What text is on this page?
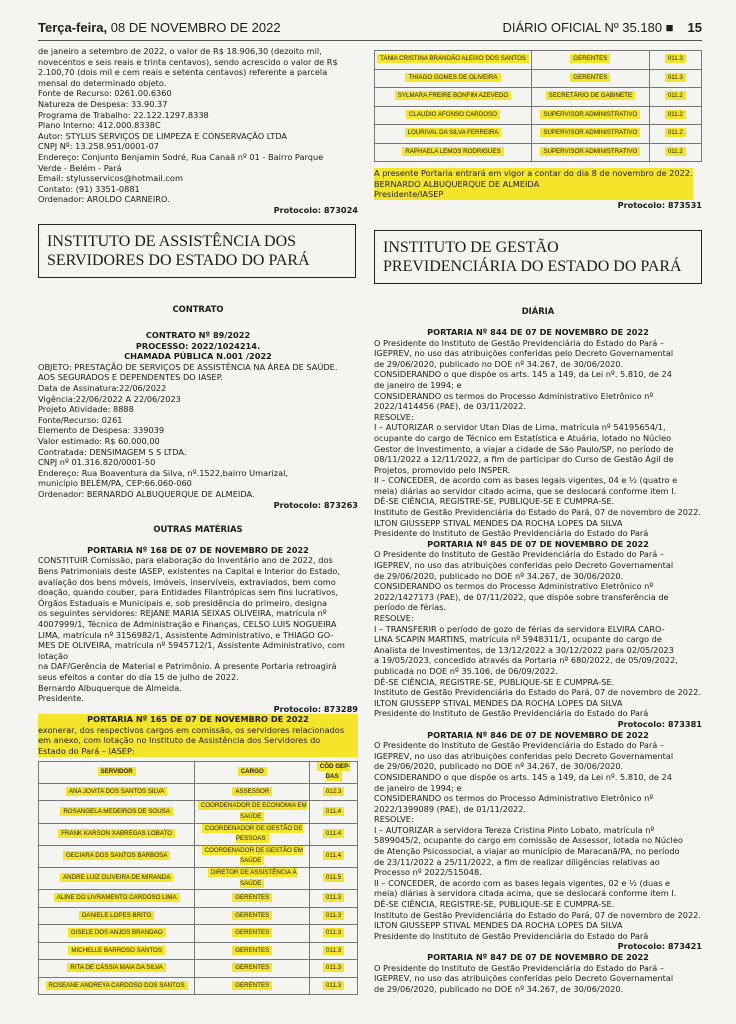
Terça-feira, 08 DE NOVEMBRO DE 2022	DIÁRIO OFICIAL Nº 35.180 ■ 15
de janeiro a setembro de 2022, o valor de R$ 18.906,30 (dezoito mil,
novecentos e seis reais e trinta centavos), sendo acrescido o valor de R$
2.100,70 (dois mil e cem reais e setenta centavos) referente a parcela
mensal do determinado objeto.
Fonte de Recurso: 0261.00.6360
Natureza de Despesa: 33.90.37
Programa de Trabalho: 22.122.1297.8338
Plano Interno: 412.000.8338C
Autor: STYLUS SERVIÇOS DE LIMPEZA E CONSERVAÇÃO LTDA
CNPJ Nº: 13.258.951/0001-07
Endereço: Conjunto Benjamin Sodré, Rua Canaã nº 01 - Bairro Parque
Verde - Belém - Pará
Email: stylusservicos@hotmail.com
Contato: (91) 3351-0881
Ordenador: AROLDO CARNEIRO.

Protocolo: 873024

INSTITUTO DE ASSISTÊNCIA DOS SERVIDORES DO ESTADO DO PARÁ

CONTRATO

CONTRATO Nº 89/2022
PROCESSO: 2022/1024214.
CHAMADA PÚBLICA N.001 /2022
OBJETO: PRESTAÇÃO DE SERVIÇOS DE ASSISTÊNCIA NA ÁREA DE SAÚDE.
AOS SEGURADOS E DEPENDENTES DO IASEP.
Data de Assinatura:22/06/2022
Vigência:22/06/2022 A 22/06/2023
Projeto Atividade: 8888
Fonte/Recurso: 0261
Elemento de Despesa: 339039
Valor estimado: R$ 60.000,00
Contratada: DENSIMAGEM S S LTDA.
CNPJ nº 01.316.820/0001-50
Endereço: Rua Boaventura da Silva, nº.1522,bairro Umarizal,
município BELÉM/PA, CEP:66.060-060
Ordenador: BERNARDO ALBUQUERQUE DE ALMEIDA.

Protocolo: 873263

OUTRAS MATÉRIAS

PORTARIA Nº 168 DE 07 DE NOVEMBRO DE 2022

CONSTITUIR Comissão, para elaboração do Inventário ano de 2022, dos
Bens Patrimoniais deste IASEP, existentes na Capital e Interior do Estado,
avaliação dos bens móveis, imóveis, inservíveis, extraviados, bem como
doação, quando couber, para Entidades Filantrópicas sem fins lucrativos,
Órgãos Estaduais e Municipais e, sob presidência do primeiro, designa
os seguintes servidores: REJANE MARIA SEIXAS OLIVEIRA, matrícula nº
4007999/1, Técnico de Administração e Finanças, CELSO LUIS NOGUEIRA
LIMA, matrícula nº 3156982/1, Assistente Administrativo, e THIAGO GO-
MES DE OLIVEIRA, matrícula nº 5945712/1, Assistente Administrativo, com lotação
na DAF/Gerência de Material e Patrimônio. A presente Portaria retroagirá
seus efeitos a contar do dia 15 de julho de 2022.
Bernardo Albuquerque de Almeida.
Presidente.

Protocolo: 873289

PORTARIA Nº 165 DE 07 DE NOVEMBRO DE 2022

exonerar, dos respectivos cargos em comissão, os servidores relacionados
em anexo, com lotação no Instituto de Assistência dos Servidores do
Estado do Pará – IASEP:
SERVIDOR	CARGO	CÓD GEP-DAS
ANA JOVITA DOS SANTOS SILVA	ASSESSOR	012.3
ROSANGELA MEDEIROS DE SOUSA	COORDENADOR DE ECONOMIA EM SAÚDE	011.4
FRANK KARSON XABREGAS LOBATO	COORDENADOR DE GESTÃO DE PESSOAS	011.4
GECIARA DOS SANTOS BARBOSA	COORDENADOR DE GESTÃO EM SAÚDE	011.4
ANDRE LUIZ OLIVEIRA DE MIRANDA	DIRETOR DE ASSISTÊNCIA À SAÚDE	011.5
ALINE DO LIVRAMENTO CARDOSO LIMA	GERENTES	011.3
DANIELE LOPES BRITO	GERENTES	011.3
GISELE DOS ANJOS BRANDAO	GERENTES	011.3
MICHELLE BARROSO SANTOS	GERENTES	011.3
RITA DE CÁSSIA MAIA DA SILVA	GERENTES	011.3
ROSEANE ANDREYA CARDOSO DOS SANTOS	GERENTES	011.3
TANIA CRISTINA BRANDÃO ALEIXO DOS SANTOS	GERENTES	011.3
THIAGO GOMES DE OLIVEIRA	GERENTES	011.3
SYLMARA FREIRE BONFIM AZEVEDO	SECRETÁRIO DE GABINETE	011.2
CLAUDIO AFONSO CARDOSO	SUPERVISOR ADMINISTRATIVO	011.2
LOURIVAL DA SILVA FERREIRA	SUPERVISOR ADMINISTRATIVO	011.2
RAPHAELA LEMOS RODRIGUES	SUPERVISOR ADMINISTRATIVO	011.2
A presente Portaria entrará em vigor a contar do dia 8 de novembro de 2022.
BERNARDO ALBUQUERQUE DE ALMEIDA
Presidente/IASEP

Protocolo: 873531

INSTITUTO DE GESTÃO PREVIDENCIÁRIA DO ESTADO DO PARÁ

DIÁRIA

PORTARIA Nº 844 DE 07 DE NOVEMBRO DE 2022

O Presidente do Instituto de Gestão Previdenciária do Estado do Pará –
IGEPREV, no uso das atribuições conferidas pelo Decreto Governamental
de 29/06/2020, publicado no DOE nº 34.267, de 30/06/2020.
CONSIDERANDO o que dispõe os arts. 145 a 149, da Lei nº. 5.810, de 24
de janeiro de 1994; e
CONSIDERANDO os termos do Processo Administrativo Eletrônico nº
2022/1414456 (PAE), de 03/11/2022.
RESOLVE:
I – AUTORIZAR o servidor Utan Dias de Lima, matrícula nº 54195654/1,
ocupante do cargo de Técnico em Estatística e Atuária, lotado no Núcleo
Gestor de Investimento, a viajar a cidade de São Paulo/SP, no período de
08/11/2022 a 12/11/2022, a fim de participar do Curso de Gestão Ágil de
Projetos, promovido pelo INSPER.
II – CONCEDER, de acordo com as bases legais vigentes, 04 e ½ (quatro e
meia) diárias ao servidor citado acima, que se deslocará conforme item I.
DÊ-SE CIÊNCIA, REGISTRE-SE, PUBLIQUE-SE E CUMPRA-SE.
Instituto de Gestão Previdenciária do Estado do Pará, 07 de novembro de 2022.
ILTON GIUSSEPP STIVAL MENDES DA ROCHA LOPES DA SILVA
Presidente do Instituto de Gestão Previdenciária do Estado do Pará

PORTARIA Nº 845 DE 07 DE NOVEMBRO DE 2022

O Presidente do Instituto de Gestão Previdenciária do Estado do Pará –
IGEPREV, no uso das atribuições conferidas pelo Decreto Governamental
de 29/06/2020, publicado no DOE nº 34.267, de 30/06/2020.
CONSIDERANDO os termos do Processo Administrativo Eletrônico nº
2022/1427173 (PAE), de 07/11/2022, que dispõe sobre transferência de
período de férias.
RESOLVE:
I – TRANSFERIR o período de gozo de férias da servidora ELVIRA CARO-
LINA SCAPIN MARTINS, matrícula nº 5948311/1, ocupante do cargo de
Analista de Investimentos, de 13/12/2022 a 30/12/2022 para 02/05/2023
a 19/05/2023, concedido através da Portaria nº 680/2022, de 05/09/2022,
publicada no DOE nº 35.106, de 06/09/2022.
DÊ-SE CIÊNCIA, REGISTRE-SE, PUBLIQUE-SE E CUMPRA-SE.
Instituto de Gestão Previdenciária do Estado do Pará, 07 de novembro de 2022.
ILTON GIUSSEPP STIVAL MENDES DA ROCHA LOPES DA SILVA
Presidente do Instituto de Gestão Previdenciária do Estado do Pará

Protocolo: 873381

PORTARIA Nº 846 DE 07 DE NOVEMBRO DE 2022

O Presidente do Instituto de Gestão Previdenciária do Estado do Pará –
IGEPREV, no uso das atribuições conferidas pelo Decreto Governamental
de 29/06/2020, publicado no DOE nº 34.267, de 30/06/2020.
CONSIDERANDO o que dispõe os arts. 145 a 149, da Lei nº. 5.810, de 24
de janeiro de 1994; e
CONSIDERANDO os termos do Processo Administrativo Eletrônico nº
2022/1399089 (PAE), de 01/11/2022.
RESOLVE:
I – AUTORIZAR a servidora Tereza Cristina Pinto Lobato, matrícula nº
5899045/2, ocupante do cargo em comissão de Assessor, lotada no Núcleo
de Atenção Psicossocial, a viajar ao município de Maracanã/PA, no período
de 23/11/2022 a 25/11/2022, a fim de realizar diligências relativas ao
Processo nº 2022/515048.
II – CONCEDER, de acordo com as bases legais vigentes, 02 e ½ (duas e
meia) diárias à servidora citada acima, que se deslocará conforme item I.
DÊ-SE CIÊNCIA, REGISTRE-SE, PUBLIQUE-SE E CUMPRA-SE.
Instituto de Gestão Previdenciária do Estado do Pará, 07 de novembro de 2022.
ILTON GIUSSEPP STIVAL MENDES DA ROCHA LOPES DA SILVA
Presidente do Instituto de Gestão Previdenciária do Estado do Pará

Protocolo: 873421

PORTARIA Nº 847 DE 07 DE NOVEMBRO DE 2022

O Presidente do Instituto de Gestão Previdenciária do Estado do Pará –
IGEPREV, no uso das atribuições conferidas pelo Decreto Governamental
de 29/06/2020, publicado no DOE nº 34.267, de 30/06/2020.
